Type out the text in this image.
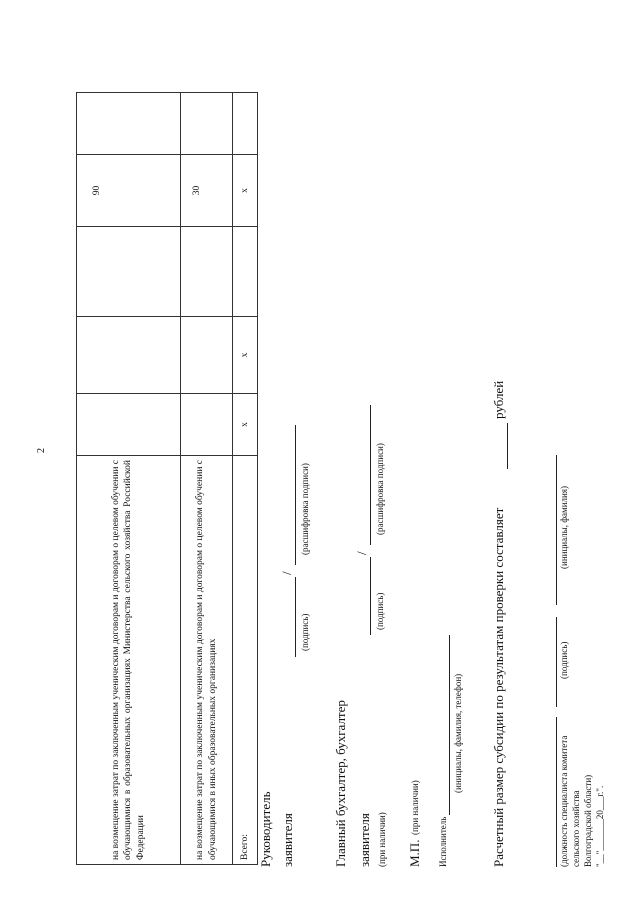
2
на возмещение затрат по заключенным ученическим договорам и договорам о целевом обучении с обучающимися в образовательных организациях Министерства сельского хозяйства Российской Федерации				90	
на возмещение затрат по заключенным ученическим договорам и договорам о целевом обучении с обучающимися в иных образовательных организациях				30	
Всего:	х	х		х	
Руководитель заявителя
/
(подпись)
(расшифровка подписи)
Главный бухгалтер, бухгалтер заявителя (при наличии)
/
(подпись)
(расшифровка подписи)
М.П.
(при наличии)
Исполнитель
(инициалы, фамилия, телефон) Расчетный размер субсидии по результатам проверки составляет
рублей
(должность специалиста комитета сельского хозяйства Волгоградской области) "__"_______20___г.".
(подпись)
(инициалы, фамилия)
